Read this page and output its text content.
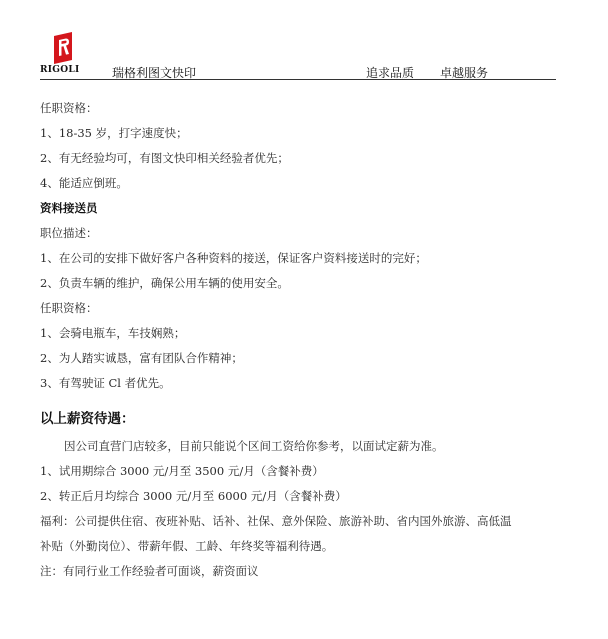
RIGOLI	瑞格利图文快印	追求品质 卓越服务
任职资格：
1、18-35 岁，打字速度快；
2、有无经验均可，有图文快印相关经验者优先；
4、能适应倒班。
资料接送员
职位描述：
1、在公司的安排下做好客户各种资料的接送，保证客户资料接送时的完好；
2、负责车辆的维护，确保公用车辆的使用安全。
任职资格：
1、会骑电瓶车，车技娴熟；
2、为人踏实诚恳，富有团队合作精神；
3、有驾驶证 Cl 者优先。
以上薪资待遇：
因公司直营门店较多，目前只能说个区间工资给你参考，以面试定薪为准。
1、试用期综合 3000 元/月至 3500 元/月（含餐补费）
2、转正后月均综合 3000 元/月至 6000 元/月（含餐补费）
福利：公司提供住宿、夜班补贴、话补、社保、意外保险、旅游补助、省内国外旅游、高低温
补贴（外勤岗位）、带薪年假、工龄、年终奖等福利待遇。
注：有同行业工作经验者可面谈，薪资面议
